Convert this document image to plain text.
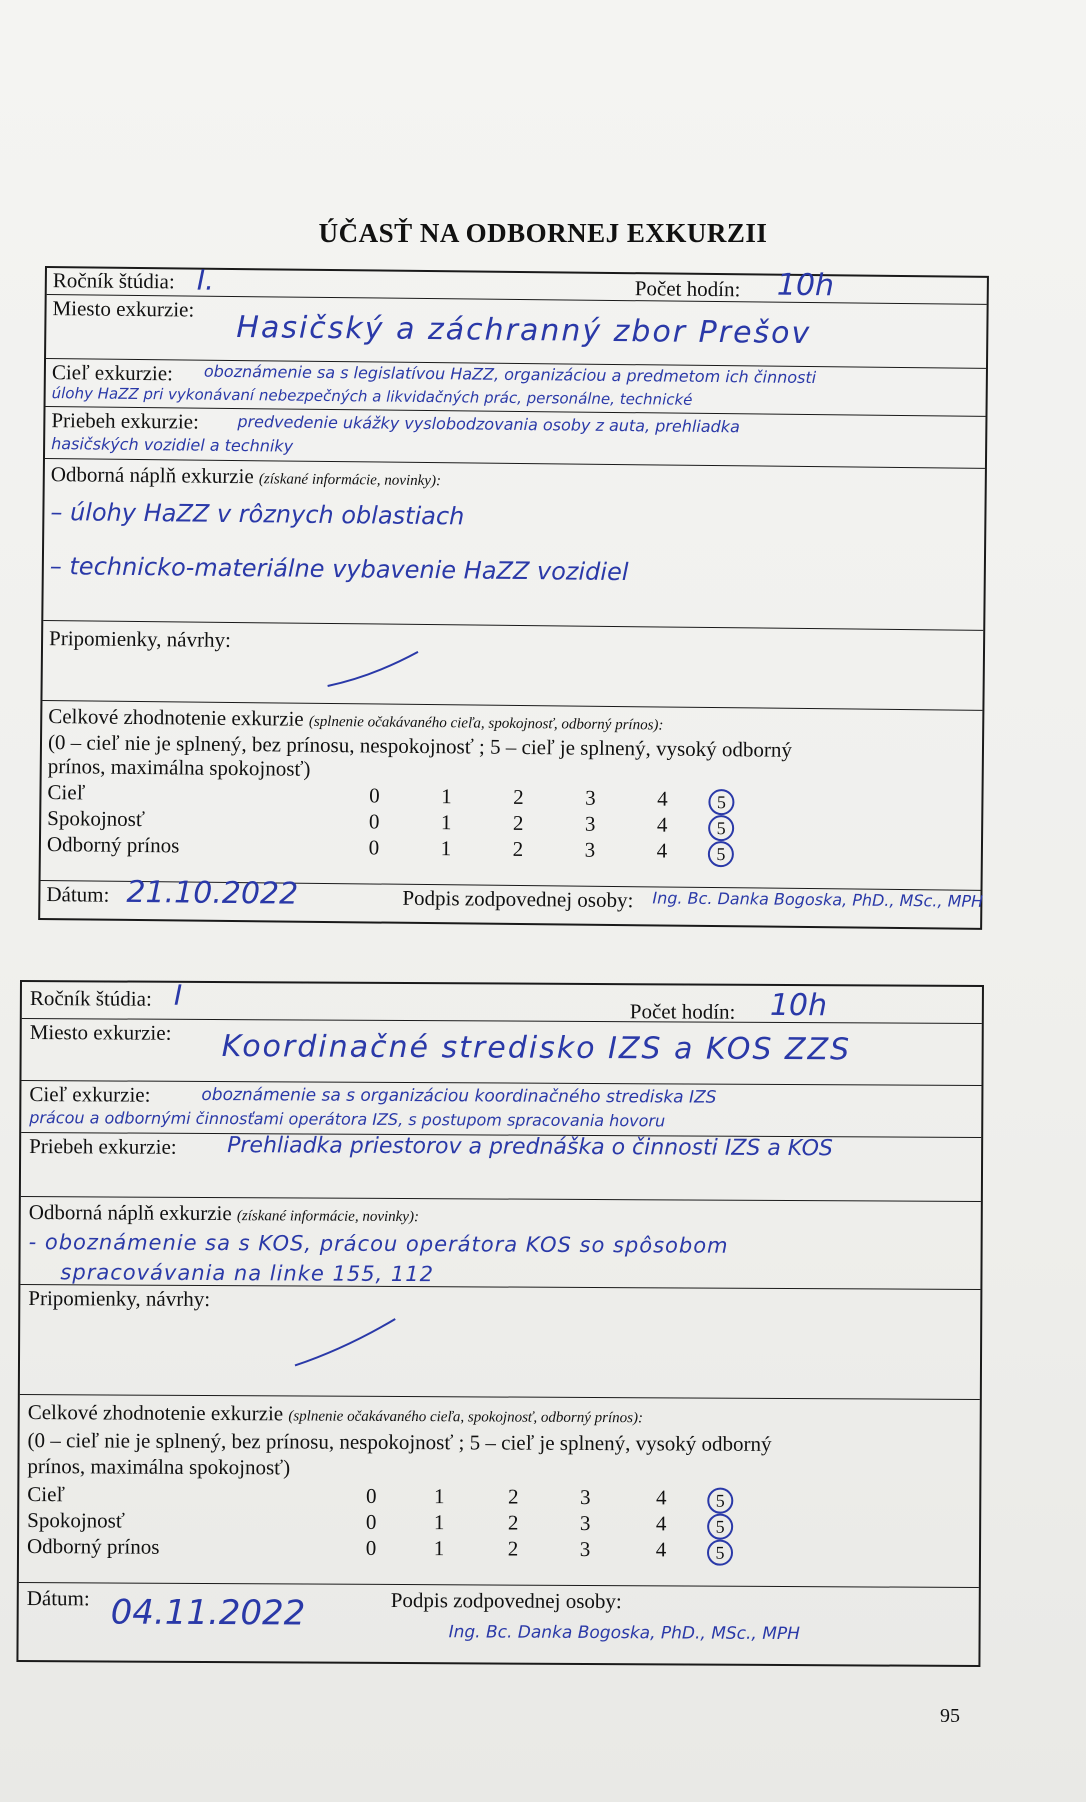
ÚČASŤ NA ODBORNEJ EXKURZII
Ročník štúdia: I.	Počet hodín: 10h
Miesto exkurzie:
Hasičský a záchranný zbor Prešov
Cieľ exkurzie: oboznámenie sa s legislatívou HaZZ, organizáciou a predmetom ich činnosti
úlohy HaZZ pri vykonávaní nebezpečných a likvidačných prác, personálne, technické
Priebeh exkurzie: predvedenie ukážky vyslobodzovania osoby z auta, prehliadka
hasičských vozidiel a techniky
Odborná náplň exkurzie (získané informácie, novinky):
– úlohy HaZZ v rôznych oblastiach
– technicko-materiálne vybavenie HaZZ vozidiel
Pripomienky, návrhy:
Celkové zhodnotenie exkurzie (splnenie očakávaného cieľa, spokojnosť, odborný prínos):
(0 – cieľ nie je splnený, bez prínosu, nespokojnosť ; 5 – cieľ je splnený, vysoký odborný
prínos, maximálna spokojnosť)
Cieľ	0	1	2	3	4	5
Spokojnosť	0	1	2	3	4	5
Odborný prínos	0	1	2	3	4	5
Dátum: 21.10.2022	Podpis zodpovednej osoby: Ing. Bc. Danka Bogoska, PhD., MSc., MPH
Ročník štúdia: I	Počet hodín: 10h
Miesto exkurzie: Koordinačné stredisko IZS a KOS ZZS
Cieľ exkurzie:	oboznámenie sa s organizáciou koordinačného strediska IZS
prácou a odbornými činnosťami operátora IZS, s postupom spracovania hovoru
Priebeh exkurzie: Prehliadka priestorov a prednáška o činnosti IZS a KOS
Odborná náplň exkurzie (získané informácie, novinky):
- oboznámenie sa s KOS, prácou operátora KOS so spôsobom
spracovávania na linke 155, 112
Pripomienky, návrhy:
Celkové zhodnotenie exkurzie (splnenie očakávaného cieľa, spokojnosť, odborný prínos):
(0 – cieľ nie je splnený, bez prínosu, nespokojnosť ; 5 – cieľ je splnený, vysoký odborný
prínos, maximálna spokojnosť)
Cieľ	0	1	2	3	4	5
Spokojnosť	0	1	2	3	4	5
Odborný prínos	0	1	2	3	4	5
Dátum: 04.11.2022	Podpis zodpovednej osoby:
Ing. Bc. Danka Bogoska, PhD., MSc., MPH
95
